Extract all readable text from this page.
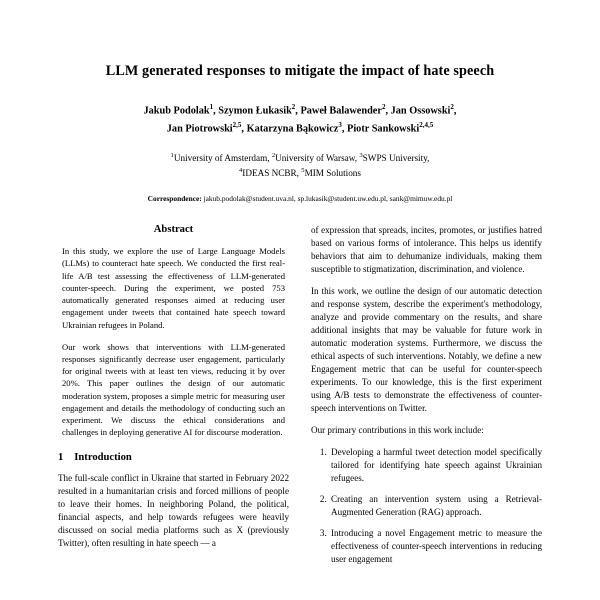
LLM generated responses to mitigate the impact of hate speech
Jakub Podolak$^1$, Szymon Łukasik$^2$, Paweł Balawender$^2$, Jan Ossowski$^2$,
Jan Piotrowski$^{2,5}$, Katarzyna Bąkowicz$^3$, Piotr Sankowski$^{2,4,5}$
$^1$University of Amsterdam, $^2$University of Warsaw, $^3$SWPS University,
$^4$IDEAS NCBR, $^5$MIM Solutions
Correspondence: jakub.podolak@student.uva.nl, sp.lukasik@student.uw.edu.pl, sank@mimuw.edu.pl
Abstract

In this study, we explore the use of Large Language Models (LLMs) to counteract hate speech. We conducted the first real-life A/B test assessing the effectiveness of LLM-generated counter-speech. During the experiment, we posted 753 automatically generated responses aimed at reducing user engagement under tweets that contained hate speech toward Ukrainian refugees in Poland.

Our work shows that interventions with LLM-generated responses significantly decrease user engagement, particularly for original tweets with at least ten views, reducing it by over 20%. This paper outlines the design of our automatic moderation system, proposes a simple metric for measuring user engagement and details the methodology of conducting such an experiment. We discuss the ethical considerations and challenges in deploying generative AI for discourse moderation.

1 Introduction

The full-scale conflict in Ukraine that started in February 2022 resulted in a humanitarian crisis and forced millions of people to leave their homes. In neighboring Poland, the political, financial aspects, and help towards refugees were heavily discussed on social media platforms such as X (previously Twitter), often resulting in hate speech — a

of expression that spreads, incites, promotes, or justifies hatred based on various forms of intolerance. This helps us identify behaviors that aim to dehumanize individuals, making them susceptible to stigmatization, discrimination, and violence.

In this work, we outline the design of our automatic detection and response system, describe the experiment's methodology, analyze and provide commentary on the results, and share additional insights that may be valuable for future work in automatic moderation systems. Furthermore, we discuss the ethical aspects of such interventions. Notably, we define a new Engagement metric that can be useful for counter-speech experiments. To our knowledge, this is the first experiment using A/B tests to demonstrate the effectiveness of counter-speech interventions on Twitter.

Our primary contributions in this work include:

1. Developing a harmful tweet detection model specifically tailored for identifying hate speech against Ukrainian refugees.
2. Creating an intervention system using a Retrieval-Augmented Generation (RAG) approach.
3. Introducing a novel Engagement metric to measure the effectiveness of counter-speech interventions in reducing user engagement
